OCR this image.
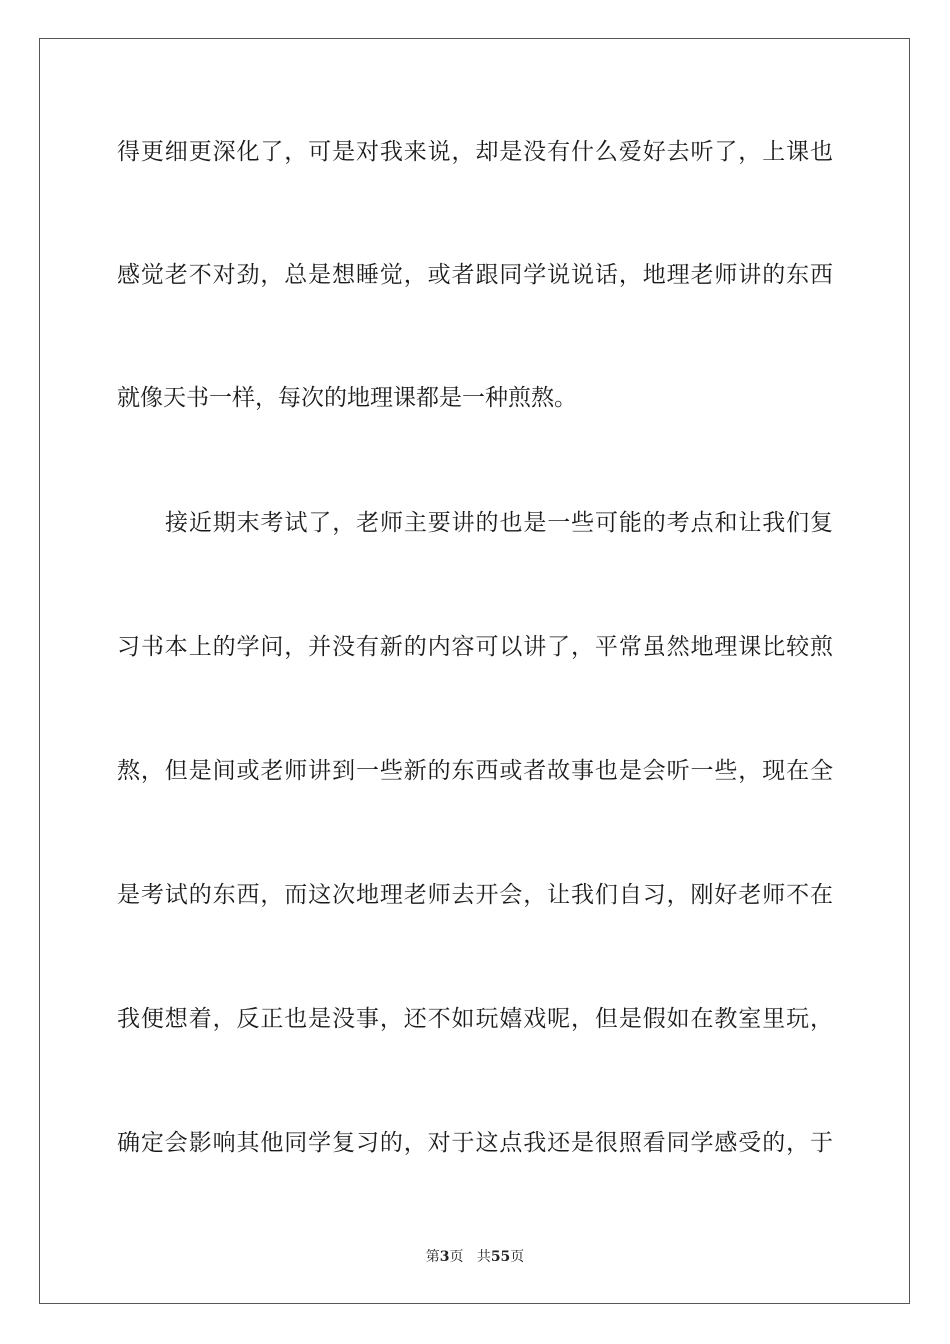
得更细更深化了，可是对我来说，却是没有什么爱好去听了，上课也
感觉老不对劲，总是想睡觉，或者跟同学说说话，地理老师讲的东西
就像天书一样，每次的地理课都是一种煎熬。
接近期末考试了，老师主要讲的也是一些可能的考点和让我们复
习书本上的学问，并没有新的内容可以讲了，平常虽然地理课比较煎
熬，但是间或老师讲到一些新的东西或者故事也是会听一些，现在全
是考试的东西，而这次地理老师去开会，让我们自习，刚好老师不在
我便想着，反正也是没事，还不如玩嬉戏呢，但是假如在教室里玩，
确定会影响其他同学复习的，对于这点我还是很照看同学感受的，于
第3页 共55页
